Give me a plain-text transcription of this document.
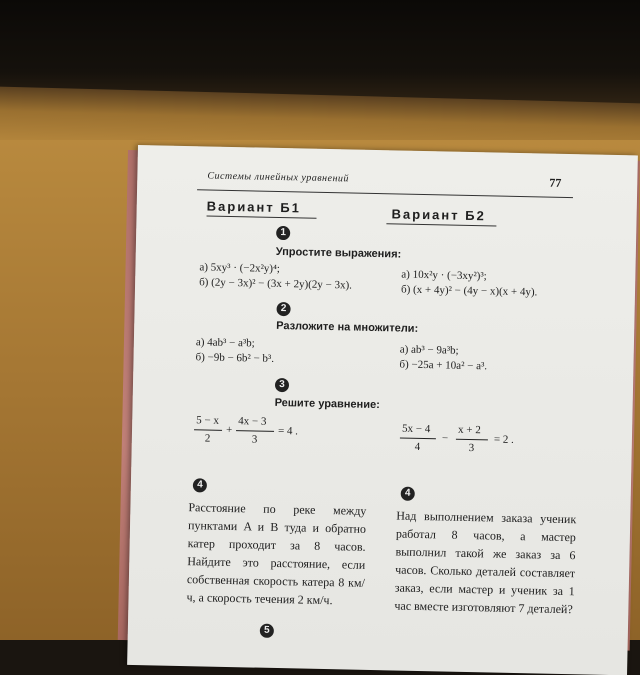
Системы линейных уравнений	77
Вариант Б1	Вариант Б2
1
Упростите выражения:
а) 5xy³ · (−2x²y)⁴;
б) (2y − 3x)² − (3x + 2y)(2y − 3x).
а) 10x²y · (−3xy²)³;
б) (x + 4y)² − (4y − x)(x + 4y).
2
Разложите на множители:
а) 4ab³ − a³b;
б) −9b − 6b² − b³.
а) ab³ − 9a³b;
б) −25a + 10a² − a³.
3
Решите уравнение:
5 − x
2
+
4x − 3
3
= 4 .	5x − 4
4
−
x + 2
3
= 2 .
4
4
Расстояние по реке между пунктами A и B туда и обратно катер проходит за 8 часов. Найдите это расстояние, если собственная скорость катера 8 км/ч, а скорость течения 2 км/ч.
Над выполнением заказа ученик работал 8 часов, а мастер выполнил такой же заказ за 6 часов. Сколько деталей составляет заказ, если мастер и ученик за 1 час вместе изготовляют 7 деталей?
5
